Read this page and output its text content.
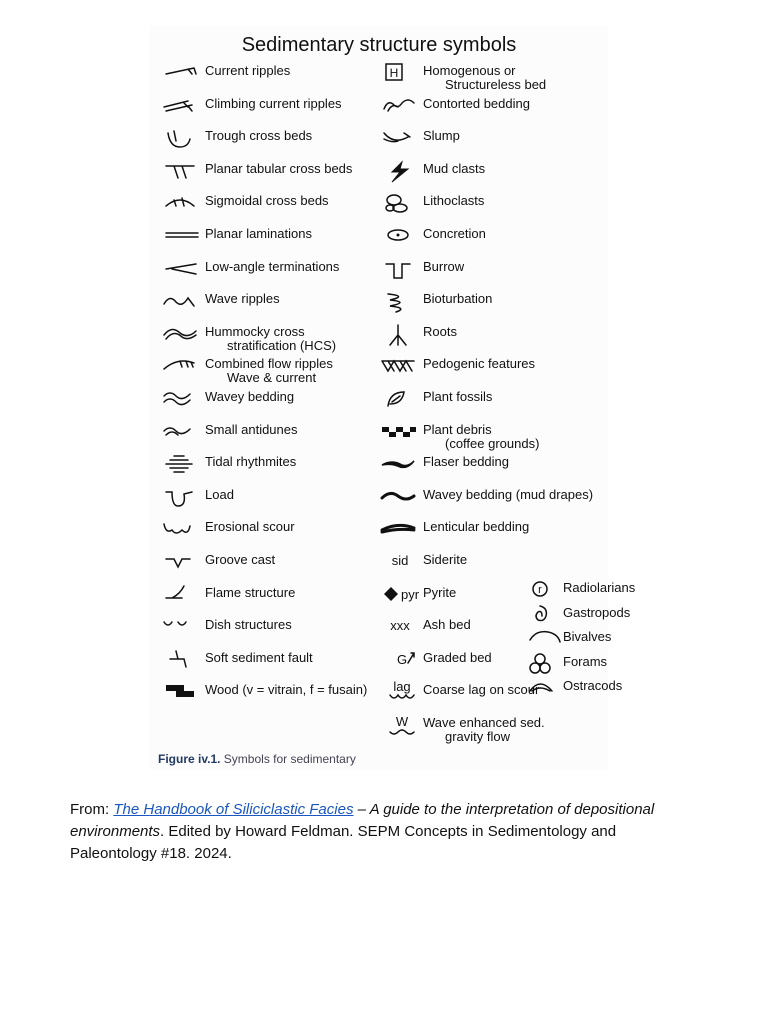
Sedimentary structure symbols
Current ripples
Climbing current ripples
Trough cross beds
Planar tabular cross beds
Sigmoidal cross beds
Planar laminations
Low-angle terminations
Wave ripples
Hummocky cross
stratification (HCS)
Combined flow ripples
Wave & current
Wavey bedding
Small antidunes
Tidal rhythmites
Load
Erosional scour
Groove cast
Flame structure
Dish structures
Soft sediment fault
Wood (v = vitrain, f = fusain)
H Homogenous or
Structureless bed
Contorted bedding
Slump
Mud clasts
Lithoclasts
Concretion
Burrow
Bioturbation
Roots
Pedogenic features
Plant fossils
Plant debris
(coffee grounds)
Flaser bedding
Wavey bedding (mud drapes)
Lenticular bedding
sid Siderite
pyr Pyrite
xxx Ash bed
G Graded bed
lag Coarse lag on scour
W Wave enhanced sed.
gravity flow
r Radiolarians
Gastropods
Bivalves
Forams
Ostracods
Figure iv.1. Symbols for sedimentary
From: The Handbook of Siliciclastic Facies – A guide to the interpretation of depositional environments. Edited by Howard Feldman. SEPM Concepts in Sedimentology and Paleontology #18. 2024.
